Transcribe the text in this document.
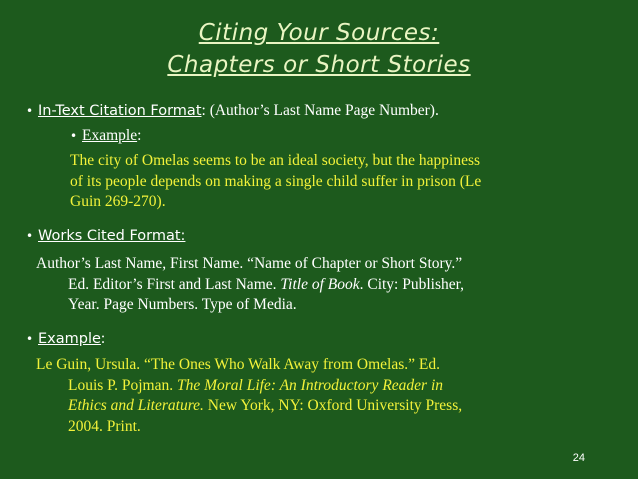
Citing Your Sources:
Chapters or Short Stories
• In-Text Citation Format: (Author’s Last Name Page Number).
• Example:
The city of Omelas seems to be an ideal society, but the happiness
of its people depends on making a single child suffer in prison (Le
Guin 269-270).
• Works Cited Format:
Author’s Last Name, First Name. “Name of Chapter or Short Story.”
Ed. Editor’s First and Last Name. Title of Book. City: Publisher,
Year. Page Numbers. Type of Media.
• Example:
Le Guin, Ursula. “The Ones Who Walk Away from Omelas.” Ed.
Louis P. Pojman. The Moral Life: An Introductory Reader in
Ethics and Literature. New York, NY: Oxford University Press,
2004. Print.
24
